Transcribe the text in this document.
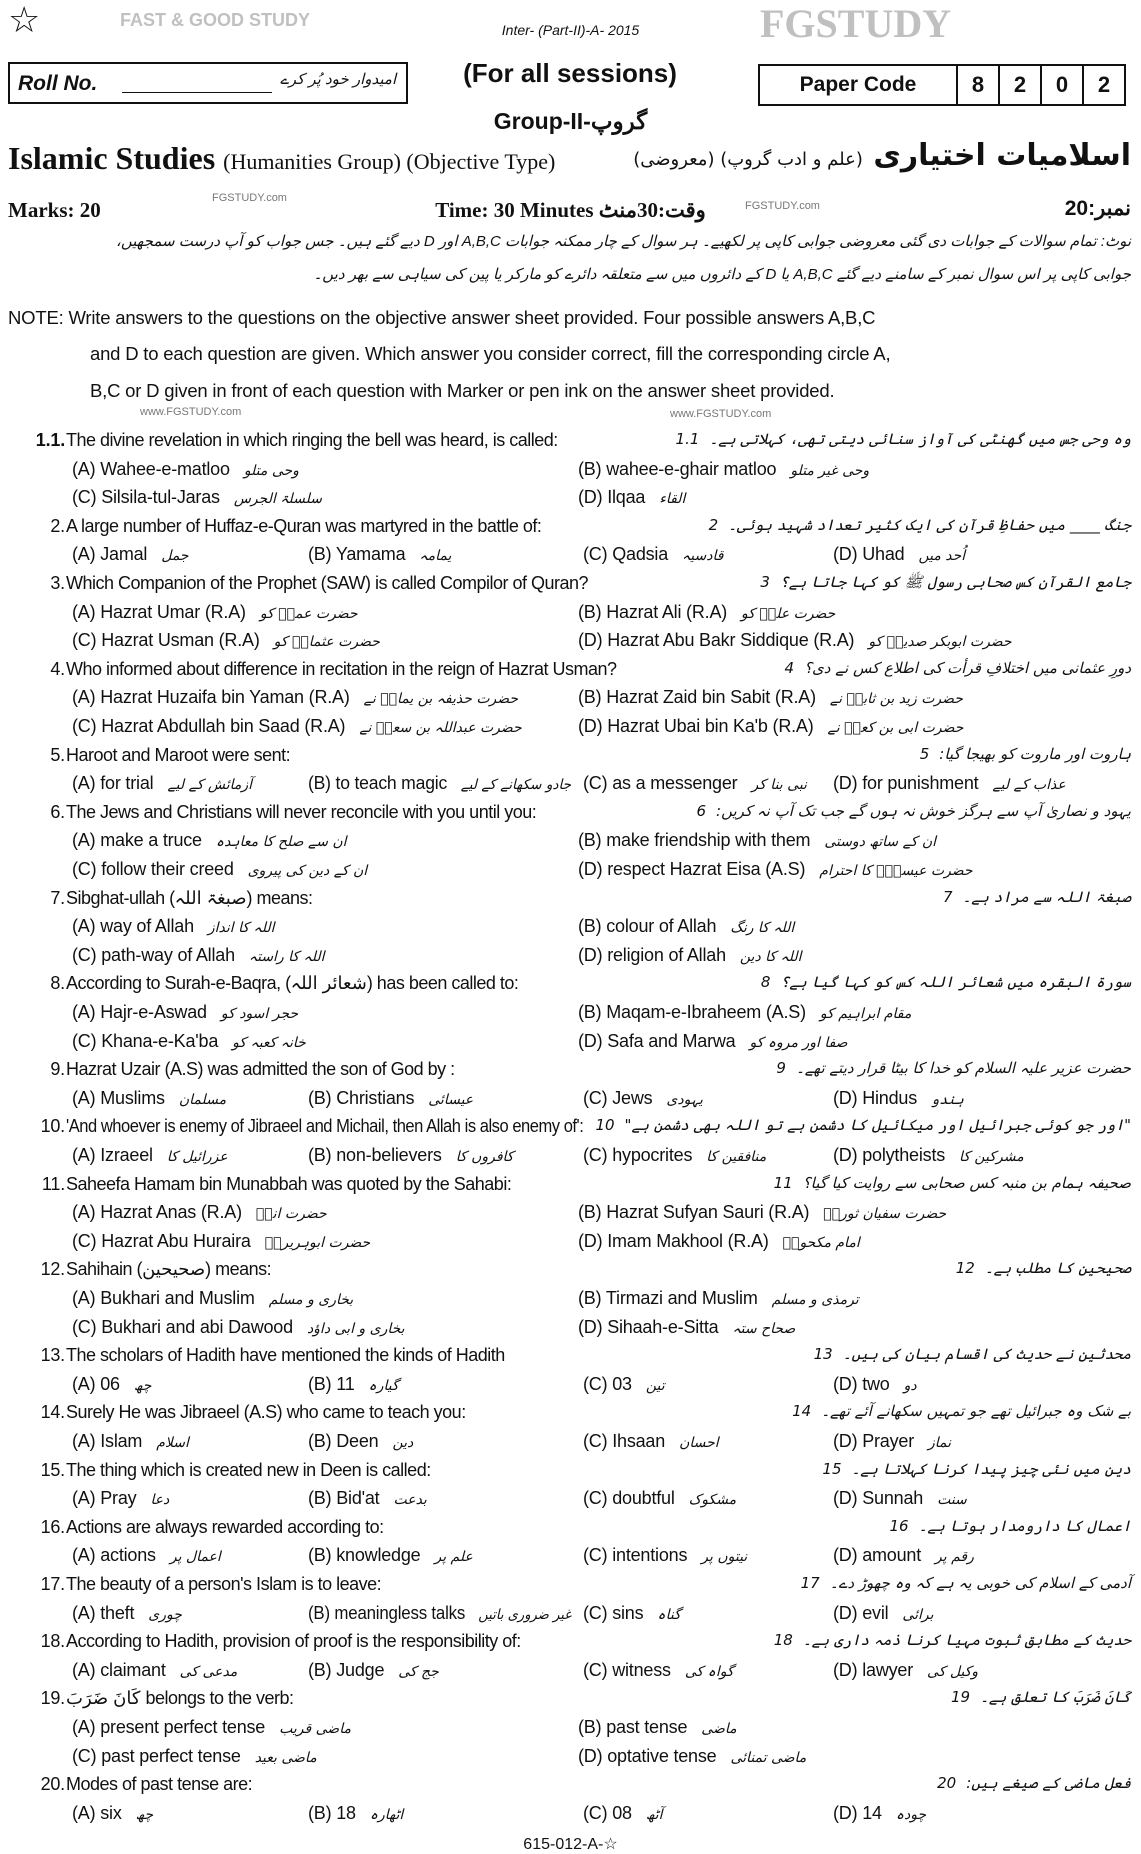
☆	Inter- (Part-II)-A- 2015	FGSTUDY
FAST & GOOD STUDY
Roll No.	امیدوار خود پُر کرے	(For all sessions)	Paper Code	8	2	0	2
Group-II-گروپ
Islamic Studies (Humanities Group) (Objective Type)	اسلامیات اختیاری (علم و ادب گروپ) (معروضی)
Marks: 20	FGSTUDY.com	Time: 30 Minutes وقت:30منٹ	FGSTUDY.com	نمبر:20
نوٹ: تمام سوالات کے جوابات دی گئی معروضی جوابی کاپی پر لکھیے۔ ہر سوال کے چار ممکنہ جوابات A,B,C اور D دیے گئے ہیں۔ جس جواب کو آپ درست سمجھیں،
جوابی کاپی پر اس سوال نمبر کے سامنے دیے گئے A,B,C یا D کے دائروں میں سے متعلقہ دائرے کو مارکر یا پین کی سیاہی سے بھر دیں۔
NOTE: Write answers to the questions on the objective answer sheet provided. Four possible answers A,B,C
and D to each question are given. Which answer you consider correct, fill the corresponding circle A,
B,C or D given in front of each question with Marker or pen ink on the answer sheet provided.
www.FGSTUDY.com	www.FGSTUDY.com
1.1. The divine revelation in which ringing the bell was heard, is called:	وہ وحی جس میں گھنٹی کی آواز سنائی دیتی تھی، کہلاتی ہے۔1.1
(A) Wahee-e-matloo وحی متلو	(B) wahee-e-ghair matloo وحی غیر متلو
(C) Silsila-tul-Jaras سلسلۃ الجرس	(D) Ilqaa القاء
2. A large number of Huffaz-e-Quran was martyred in the battle of:	جنگ ____ میں حفاظِ قرآن کی ایک کثیر تعداد شہید ہوئی۔2
(A) Jamal جمل	(B) Yamama یمامہ	(C) Qadsia قادسیہ	(D) Uhad اُحد میں
3. Which Companion of the Prophet (SAW) is called Compilor of Quran?	جامع القرآن کس صحابی رسول ﷺ کو کہا جاتا ہے؟3
(A) Hazrat Umar (R.A) حضرت عمرؓ کو	(B) Hazrat Ali (R.A) حضرت علیؓ کو
(C) Hazrat Usman (R.A) حضرت عثمانؓ کو	(D) Hazrat Abu Bakr Siddique (R.A) حضرت ابوبکر صدیقؓ کو
4. Who informed about difference in recitation in the reign of Hazrat Usman?	دورِ عثمانی میں اختلافِ قرأت کی اطلاع کس نے دی؟4
(A) Hazrat Huzaifa bin Yaman (R.A) حضرت حذیفہ بن یمانؓ نے	(B) Hazrat Zaid bin Sabit (R.A) حضرت زید بن ثابتؓ نے
(C) Hazrat Abdullah bin Saad (R.A) حضرت عبداللہ بن سعدؓ نے	(D) Hazrat Ubai bin Ka'b (R.A) حضرت ابی بن کعبؓ نے
5. Haroot and Maroot were sent:	ہاروت اور ماروت کو بھیجا گیا:5
(A) for trial آزمائش کے لیے	(B) to teach magic جادو سکھانے کے لیے (C) as a messenger نبی بنا کر (D) for punishment عذاب کے لیے
6. The Jews and Christians will never reconcile with you until you:	یہود و نصاریٰ آپ سے ہرگز خوش نہ ہوں گے جب تک آپ نہ کریں:6
(A) make a truce ان سے صلح کا معاہدہ	(B) make friendship with them ان کے ساتھ دوستی
(C) follow their creed ان کے دین کی پیروی	(D) respect Hazrat Eisa (A.S) حضرت عیسیٰؑ کا احترام
7. Sibghat-ullah (صبغۃ اللہ) means:	صبغۃ اللہ سے مراد ہے۔7
(A) way of Allah اللہ کا انداز	(B) colour of Allah اللہ کا رنگ
(C) path-way of Allah اللہ کا راستہ	(D) religion of Allah اللہ کا دین
8. According to Surah-e-Baqra, (شعائر اللہ) has been called to:	سورۃ البقرہ میں شعائر اللہ کس کو کہا گیا ہے؟8
(A) Hajr-e-Aswad حجر اسود کو	(B) Maqam-e-Ibraheem (A.S) مقام ابراہیم کو
(C) Khana-e-Ka'ba خانہ کعبہ کو	(D) Safa and Marwa صفا اور مروہ کو
9. Hazrat Uzair (A.S) was admitted the son of God by :	حضرت عزیر علیہ السلام کو خدا کا بیٹا قرار دیتے تھے۔9
(A) Muslims مسلمان	(B) Christians عیسائی	(C) Jews یہودی	(D) Hindus ہندو
10. 'And whoever is enemy of Jibraeel and Michail, then Allah is also enemy of':	"اور جو کوئی جبرائیل اور میکائیل کا دشمن ہے تو اللہ بھی دشمن ہے"10
(A) Izraeel عزرائیل کا	(B) non-believers کافروں کا	(C) hypocrites منافقین کا	(D) polytheists مشرکین کا
11. Saheefa Hamam bin Munabbah was quoted by the Sahabi:	صحیفہ ہمام بن منبہ کس صحابی سے روایت کیا گیا؟11
(A) Hazrat Anas (R.A) حضرت انسؓ	(B) Hazrat Sufyan Sauri (R.A) حضرت سفیان ثوریؒ
(C) Hazrat Abu Huraira حضرت ابوہریرہؓ	(D) Imam Makhool (R.A) امام مکحولؒ
12. Sahihain (صحیحین) means:	صحیحین کا مطلب ہے۔12
(A) Bukhari and Muslim بخاری و مسلم	(B) Tirmazi and Muslim ترمذی و مسلم
(C) Bukhari and abi Dawood بخاری و ابی داؤد	(D) Sihaah-e-Sitta صحاح ستہ
13. The scholars of Hadith have mentioned the kinds of Hadith	محدثین نے حدیث کی اقسام بیان کی ہیں۔13
(A) 06 چھ	(B) 11 گیارہ	(C) 03 تین	(D) two دو
14. Surely He was Jibraeel (A.S) who came to teach you:	بے شک وہ جبرائیل تھے جو تمہیں سکھانے آئے تھے۔14
(A) Islam اسلام	(B) Deen دین	(C) Ihsaan احسان	(D) Prayer نماز
15. The thing which is created new in Deen is called:	دین میں نئی چیز پیدا کرنا کہلاتا ہے۔15
(A) Pray دعا	(B) Bid'at بدعت	(C) doubtful مشکوک	(D) Sunnah سنت
16. Actions are always rewarded according to:	اعمال کا دارومدار ہوتا ہے۔16
(A) actions اعمال پر	(B) knowledge علم پر	(C) intentions نیتوں پر	(D) amount رقم پر
17. The beauty of a person's Islam is to leave:	آدمی کے اسلام کی خوبی یہ ہے کہ وہ چھوڑ دے۔17
(A) theft چوری	(B) meaningless talks غیر ضروری باتیں (C) sins گناہ	(D) evil برائی
18. According to Hadith, provision of proof is the responsibility of:	حدیث کے مطابق ثبوت مہیا کرنا ذمہ داری ہے۔18
(A) claimant مدعی کی	(B) Judge جج کی	(C) witness گواہ کی	(D) lawyer وکیل کی
19. كَانَ ضَرَبَ belongs to the verb:	كَانَ ضَرَبَ کا تعلق ہے۔19
(A) present perfect tense ماضی قریب	(B) past tense ماضی
(C) past perfect tense ماضی بعید	(D) optative tense ماضی تمنائی
20. Modes of past tense are:	فعل ماضی کے صیغے ہیں:20
(A) six چھ	(B) 18 اٹھارہ	(C) 08 آٹھ	(D) 14 چودہ
615-012-A-☆
